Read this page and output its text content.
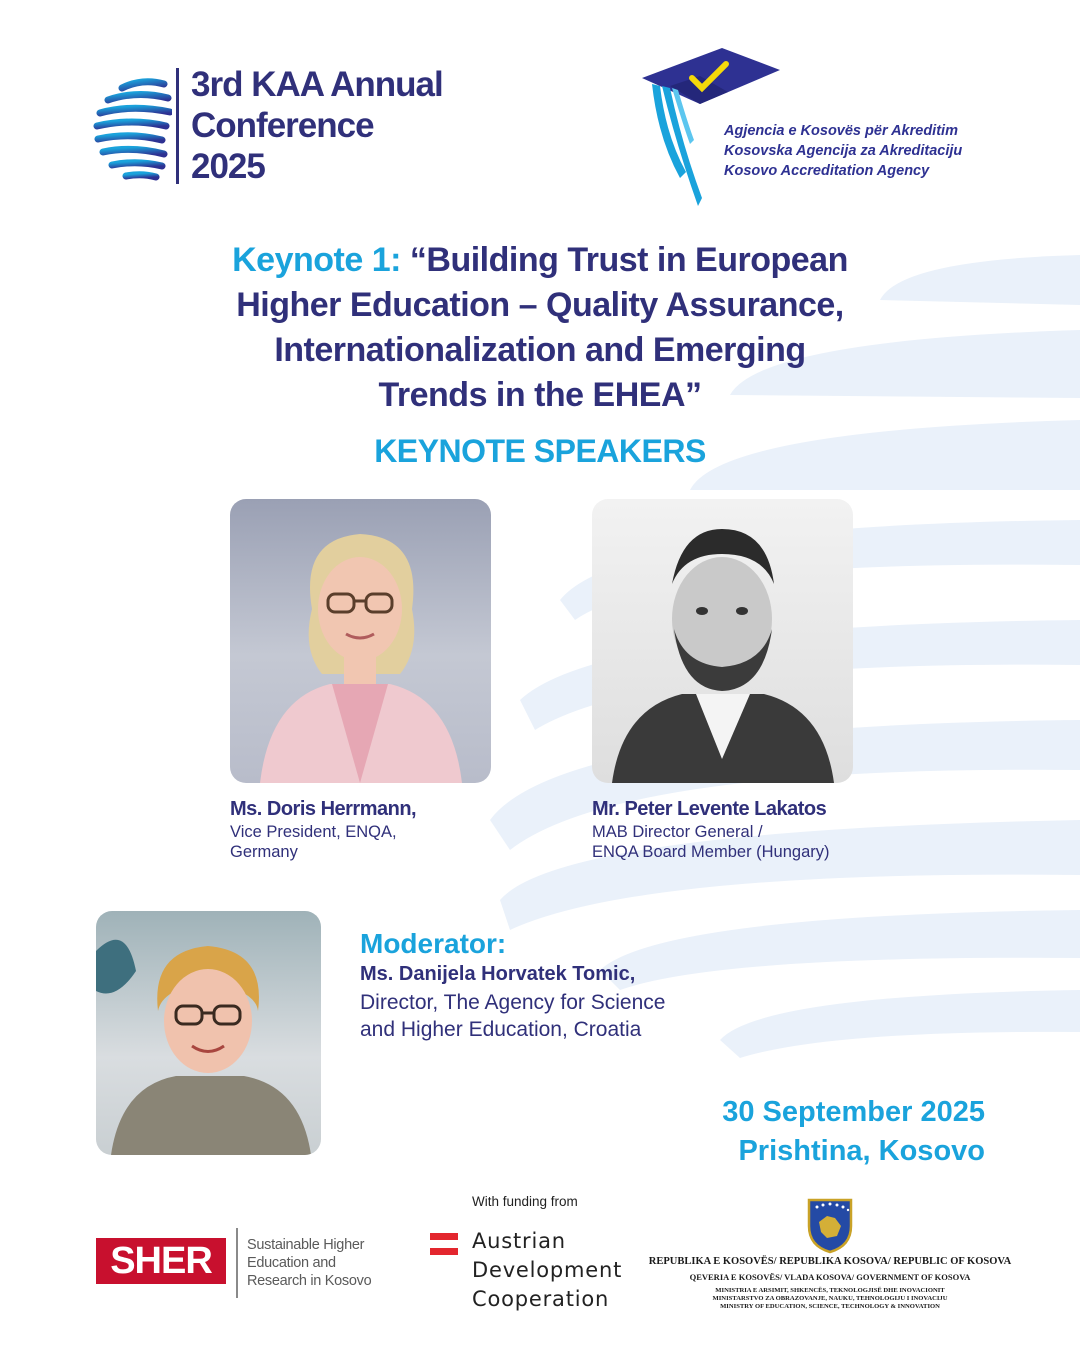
3rd KAA Annual
Conference
2025
Agjencia e Kosovës për Akreditim
Kosovska Agencija za Akreditaciju
Kosovo Accreditation Agency
Keynote 1: “Building Trust in European
Higher Education – Quality Assurance,
Internationalization and Emerging
Trends in the EHEA”
KEYNOTE SPEAKERS
Ms. Doris Herrmann,
Vice President, ENQA,
Germany
Mr. Peter Levente Lakatos
MAB Director General /
ENQA Board Member (Hungary)
Moderator:
Ms. Danijela Horvatek Tomic,
Director, The Agency for Science
and Higher Education, Croatia
30 September 2025
Prishtina, Kosovo
SHER	Sustainable Higher
Education and
Research in Kosovo
With funding from
Austrian
Development
Cooperation
REPUBLIKA E KOSOVËS/ REPUBLIKA KOSOVA/ REPUBLIC OF KOSOVA
QEVERIA E KOSOVËS/ VLADA KOSOVA/ GOVERNMENT OF KOSOVA
MINISTRIA E ARSIMIT, SHKENCËS, TEKNOLOGJISË DHE INOVACIONIT
MINISTARSTVO ZA OBRAZOVANJE, NAUKU, TEHNOLOGIJU I INOVACIJU
MINISTRY OF EDUCATION, SCIENCE, TECHNOLOGY & INNOVATION
